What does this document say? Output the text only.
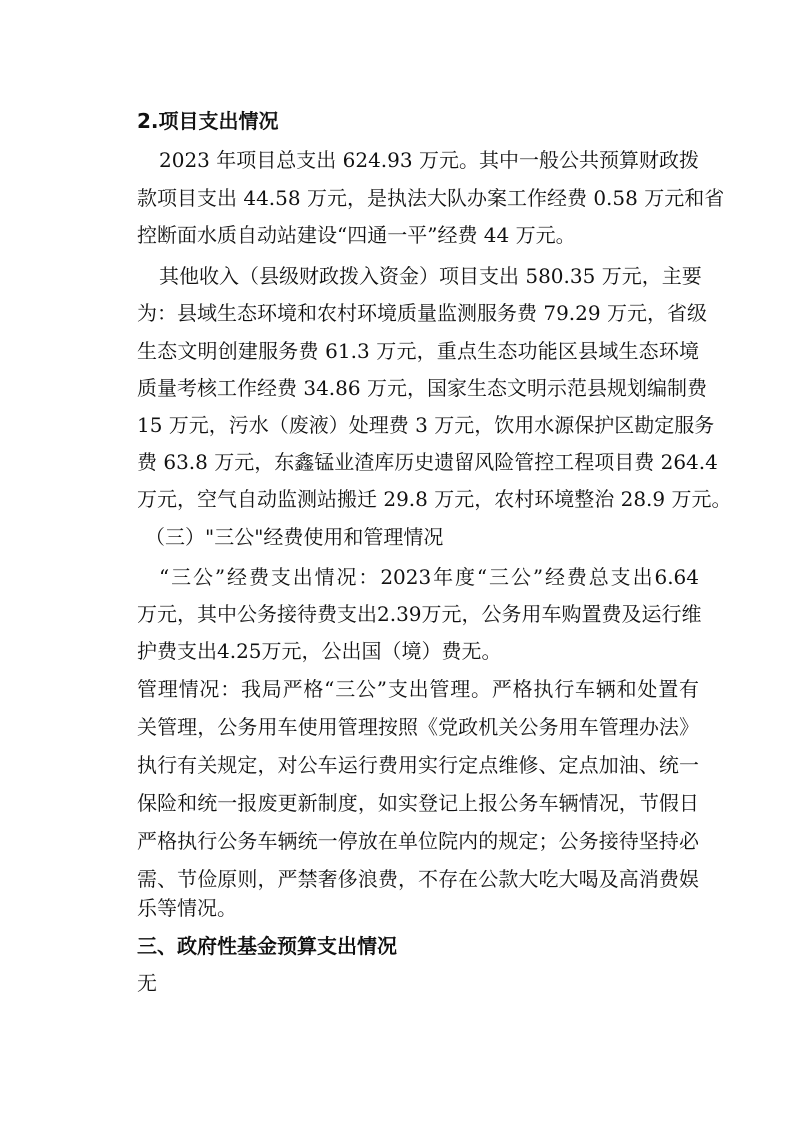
2.项目支出情况
2023 年项目总支出 624.93 万元。其中一般公共预算财政拨
款项目支出 44.58 万元，是执法大队办案工作经费 0.58 万元和省
控断面水质自动站建设“四通一平”经费 44 万元。
其他收入（县级财政拨入资金）项目支出 580.35 万元，主要
为：县域生态环境和农村环境质量监测服务费 79.29 万元，省级
生态文明创建服务费 61.3 万元，重点生态功能区县域生态环境
质量考核工作经费 34.86 万元，国家生态文明示范县规划编制费
15 万元，污水（废液）处理费 3 万元，饮用水源保护区勘定服务
费 63.8 万元，东鑫锰业渣库历史遗留风险管控工程项目费 264.4
万元，空气自动监测站搬迁 29.8 万元，农村环境整治 28.9 万元。
（三）"三公"经费使用和管理情况
“三公”经费支出情况：2023年度“三公”经费总支出6.64
万元，其中公务接待费支出2.39万元，公务用车购置费及运行维
护费支出4.25万元，公出国（境）费无。
管理情况：我局严格“三公”支出管理。严格执行车辆和处置有
关管理，公务用车使用管理按照《党政机关公务用车管理办法》
执行有关规定，对公车运行费用实行定点维修、定点加油、统一
保险和统一报废更新制度，如实登记上报公务车辆情况，节假日
严格执行公务车辆统一停放在单位院内的规定；公务接待坚持必
需、节俭原则，严禁奢侈浪费，不存在公款大吃大喝及高消费娱
乐等情况。
三、政府性基金预算支出情况
无
